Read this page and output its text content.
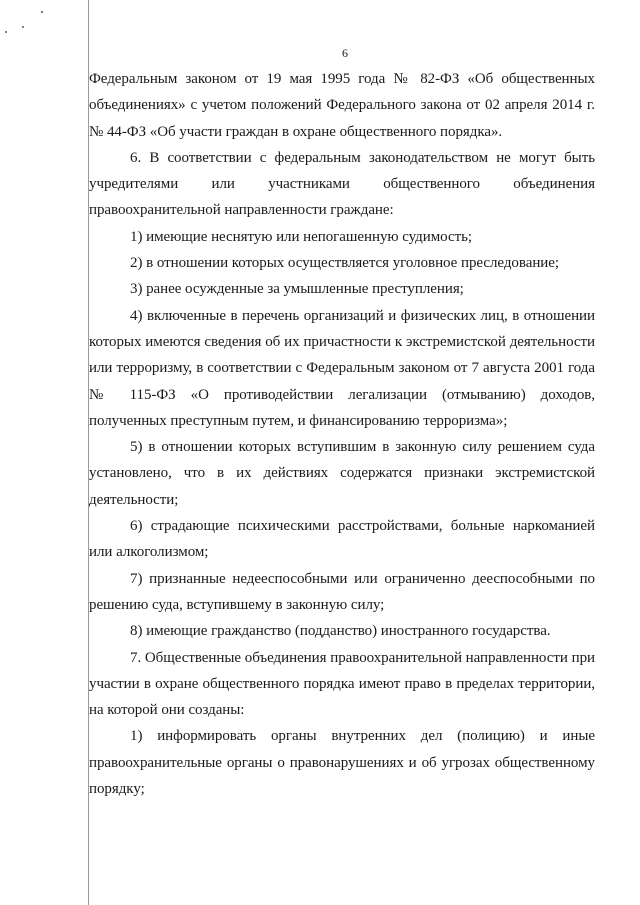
6

Федеральным законом от 19 мая 1995 года № 82-ФЗ «Об общественных объединениях» с учетом положений Федерального закона от 02 апреля 2014 г. № 44-ФЗ «Об участи граждан в охране общественного порядка».

6. В соответствии с федеральным законодательством не могут быть учредителями или участниками общественного объединения правоохранительной направленности граждане:

1) имеющие неснятую или непогашенную судимость;

2) в отношении которых осуществляется уголовное преследование;

3) ранее осужденные за умышленные преступления;

4) включенные в перечень организаций и физических лиц, в отношении которых имеются сведения об их причастности к экстремистской деятельности или терроризму, в соответствии с Федеральным законом от 7 августа 2001 года № 115-ФЗ «О противодействии легализации (отмыванию) доходов, полученных преступным путем, и финансированию терроризма»;

5) в отношении которых вступившим в законную силу решением суда установлено, что в их действиях содержатся признаки экстремистской деятельности;

6) страдающие психическими расстройствами, больные наркоманией или алкоголизмом;

7) признанные недееспособными или ограниченно дееспособными по решению суда, вступившему в законную силу;

8) имеющие гражданство (подданство) иностранного государства.

7. Общественные объединения правоохранительной направленности при участии в охране общественного порядка имеют право в пределах территории, на которой они созданы:

1) информировать органы внутренних дел (полицию) и иные правоохранительные органы о правонарушениях и об угрозах общественному порядку;
